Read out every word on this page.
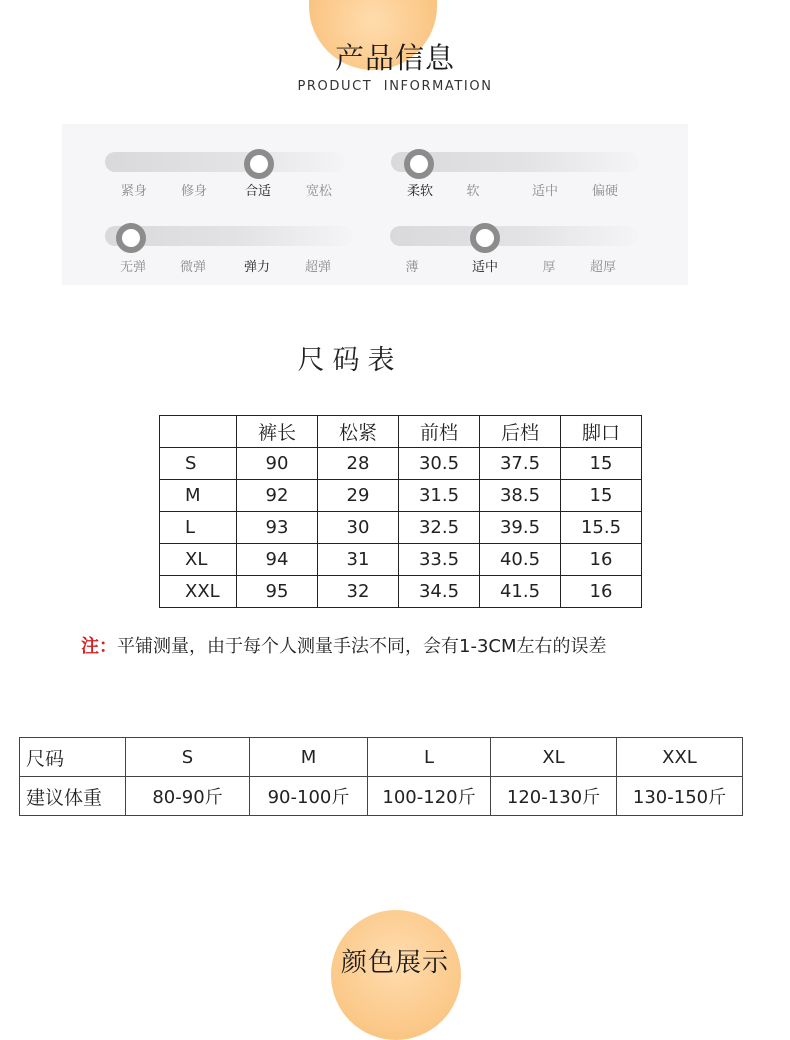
产品信息
PRODUCT  INFORMATION
紧身	修身	合适	宽松	柔软	软	适中	偏硬
无弹	微弹	弹力	超弹	薄	适中	厚	超厚
尺码表
	裤长	松紧	前档	后档	脚口
S	90	28	30.5	37.5	15
M	92	29	31.5	38.5	15
L	93	30	32.5	39.5	15.5
XL	94	31	33.5	40.5	16
XXL	95	32	34.5	41.5	16
注：平铺测量，由于每个人测量手法不同，会有1-3CM左右的误差
尺码	S	M	L	XL	XXL
建议体重	80-90斤	90-100斤	100-120斤	120-130斤	130-150斤
颜色展示
